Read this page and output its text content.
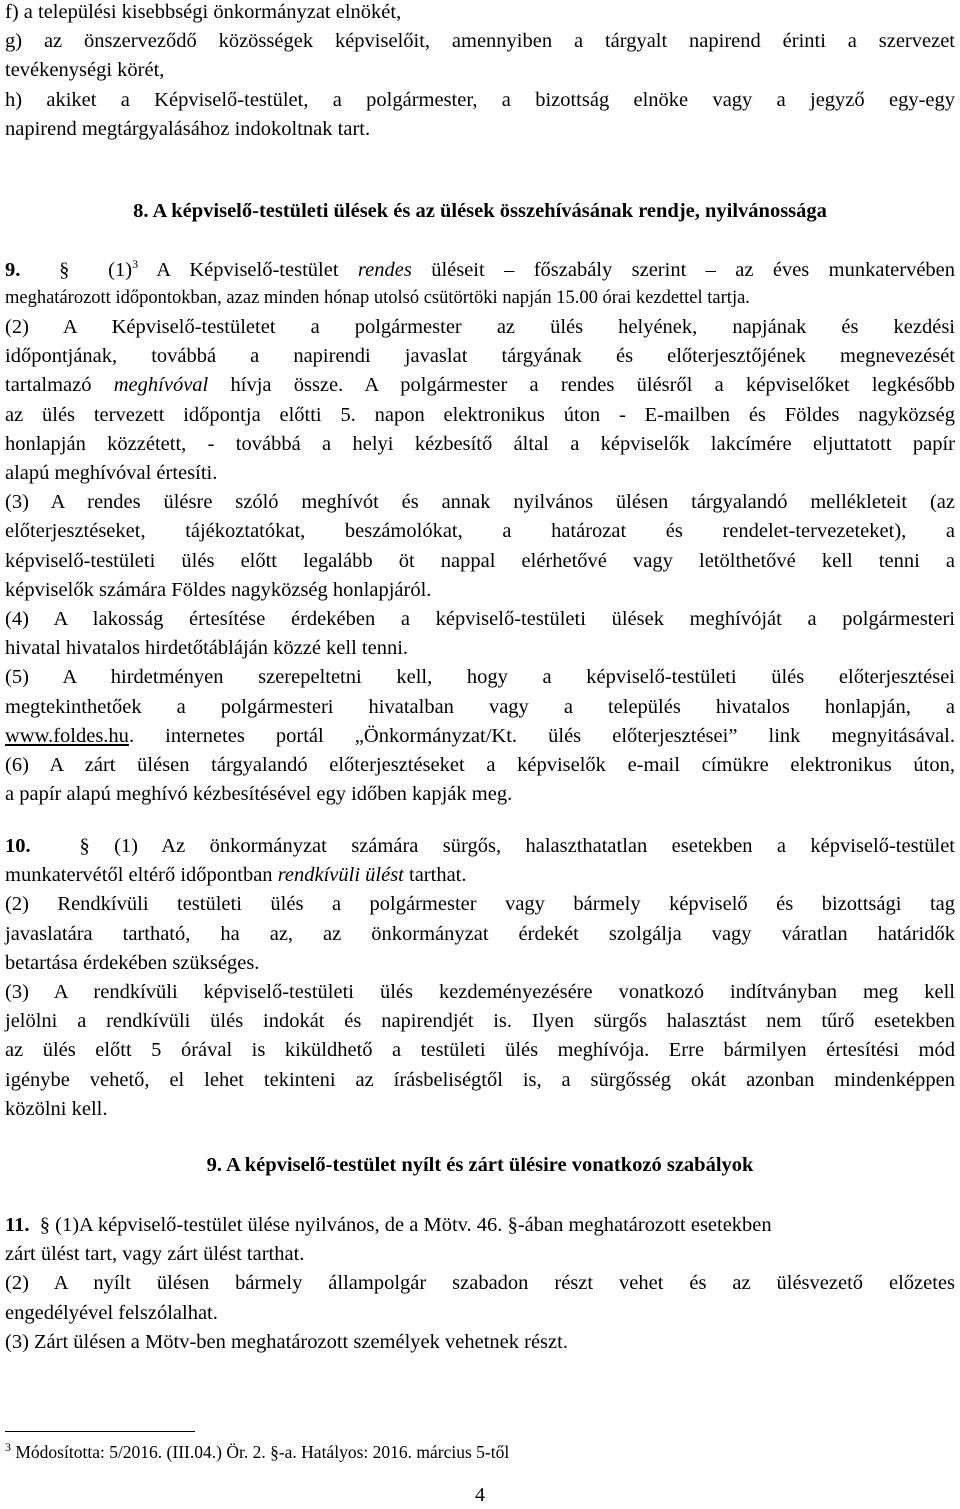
f) a települési kisebbségi önkormányzat elnökét,
g) az önszerveződő közösségek képviselőit, amennyiben a tárgyalt napirend érinti a szervezet
tevékenységi körét,
h) akiket a Képviselő-testület, a polgármester, a bizottság elnöke vagy a jegyző egy-egy
napirend megtárgyalásához indokoltnak tart.
8. A képviselő-testületi ülések és az ülések összehívásának rendje, nyilvánossága
9. § $(1)^3$ A Képviselő-testület rendes üléseit – főszabály szerint – az éves munkatervében
meghatározott időpontokban, azaz minden hónap utolsó csütörtöki napján 15.00 órai kezdettel tartja.
(2) A Képviselő-testületet a polgármester az ülés helyének, napjának és kezdési
időpontjának, továbbá a napirendi javaslat tárgyának és előterjesztőjének megnevezését
tartalmazó meghívóval hívja össze. A polgármester a rendes ülésről a képviselőket legkésőbb
az ülés tervezett időpontja előtti 5. napon elektronikus úton - E-mailben és Földes nagyközség
honlapján közzétett, - továbbá a helyi kézbesítő által a képviselők lakcímére eljuttatott papír
alapú meghívóval értesíti.
(3) A rendes ülésre szóló meghívót és annak nyilvános ülésen tárgyalandó mellékleteit (az
előterjesztéseket, tájékoztatókat, beszámolókat, a határozat és rendelet-tervezeteket), a
képviselő-testületi ülés előtt legalább öt nappal elérhetővé vagy letölthetővé kell tenni a
képviselők számára Földes nagyközség honlapjáról.
(4) A lakosság értesítése érdekében a képviselő-testületi ülések meghívóját a polgármesteri
hivatal hivatalos hirdetőtábláján közzé kell tenni.
(5) A hirdetményen szerepeltetni kell, hogy a képviselő-testületi ülés előterjesztései
megtekinthetőek a polgármesteri hivatalban vagy a település hivatalos honlapján, a
www.foldes.hu. internetes portál „Önkormányzat/Kt. ülés előterjesztései” link megnyitásával.
(6) A zárt ülésen tárgyalandó előterjesztéseket a képviselők e-mail címükre elektronikus úton,
a papír alapú meghívó kézbesítésével egy időben kapják meg.
10. § (1) Az önkormányzat számára sürgős, halaszthatatlan esetekben a képviselő-testület
munkatervétől eltérő időpontban rendkívüli ülést tarthat.
(2) Rendkívüli testületi ülés a polgármester vagy bármely képviselő és bizottsági tag
javaslatára tartható, ha az, az önkormányzat érdekét szolgálja vagy váratlan határidők
betartása érdekében szükséges.
(3) A rendkívüli képviselő-testületi ülés kezdeményezésére vonatkozó indítványban meg kell
jelölni a rendkívüli ülés indokát és napirendjét is. Ilyen sürgős halasztást nem tűrő esetekben
az ülés előtt 5 órával is kiküldhető a testületi ülés meghívója. Erre bármilyen értesítési mód
igénybe vehető, el lehet tekinteni az írásbeliségtől is, a sürgősség okát azonban mindenképpen
közölni kell.
9. A képviselő-testület nyílt és zárt ülésire vonatkozó szabályok
11. § (1)A képviselő-testület ülése nyilvános, de a Mötv. 46. §-ában meghatározott esetekben
zárt ülést tart, vagy zárt ülést tarthat.
(2) A nyílt ülésen bármely állampolgár szabadon részt vehet és az ülésvezető előzetes
engedélyével felszólalhat.
(3) Zárt ülésen a Mötv-ben meghatározott személyek vehetnek részt.
$^3$ Módosította: 5/2016. (III.04.) Ör. 2. §-a. Hatályos: 2016. március 5-től
4
